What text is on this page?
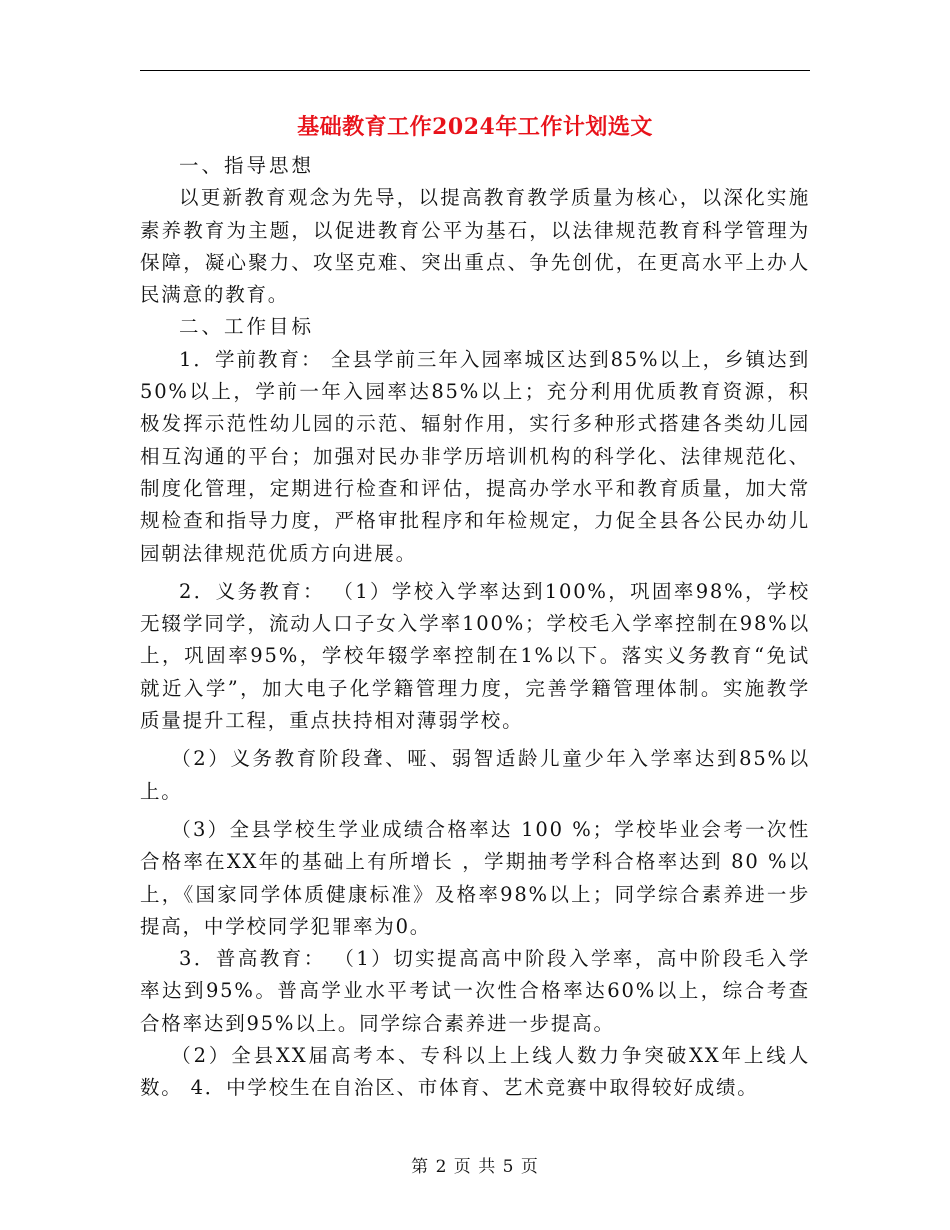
基础教育工作2024年工作计划选文

一、指导思想

以更新教育观念为先导，以提高教育教学质量为核心，以深化实施素养教育为主题，以促进教育公平为基石，以法律规范教育科学管理为保障，凝心聚力、攻坚克难、突出重点、争先创优，在更高水平上办人民满意的教育。

二、工作目标

1．学前教育： 全县学前三年入园率城区达到85%以上，乡镇达到50%以上，学前一年入园率达85%以上；充分利用优质教育资源，积极发挥示范性幼儿园的示范、辐射作用，实行多种形式搭建各类幼儿园相互沟通的平台；加强对民办非学历培训机构的科学化、法律规范化、制度化管理，定期进行检查和评估，提高办学水平和教育质量，加大常规检查和指导力度，严格审批程序和年检规定，力促全县各公民办幼儿园朝法律规范优质方向进展。

2．义务教育： （1）学校入学率达到100%，巩固率98%，学校无辍学同学，流动人口子女入学率100%；学校毛入学率控制在98%以上，巩固率95%，学校年辍学率控制在1%以下。落实义务教育“免试就近入学”，加大电子化学籍管理力度，完善学籍管理体制。实施教学质量提升工程，重点扶持相对薄弱学校。

（2）义务教育阶段聋、哑、弱智适龄儿童少年入学率达到85%以上。

（3）全县学校生学业成绩合格率达 100 %；学校毕业会考一次性合格率在XX年的基础上有所增长 ，学期抽考学科合格率达到 80 %以上，《国家同学体质健康标准》及格率98%以上；同学综合素养进一步提高，中学校同学犯罪率为0。

3．普高教育： （1）切实提高高中阶段入学率，高中阶段毛入学率达到95%。普高学业水平考试一次性合格率达60%以上，综合考查合格率达到95%以上。同学综合素养进一步提高。

（2）全县XX届高考本、专科以上上线人数力争突破XX年上线人数。 4．中学校生在自治区、市体育、艺术竞赛中取得较好成绩。

第 2 页 共 5 页
